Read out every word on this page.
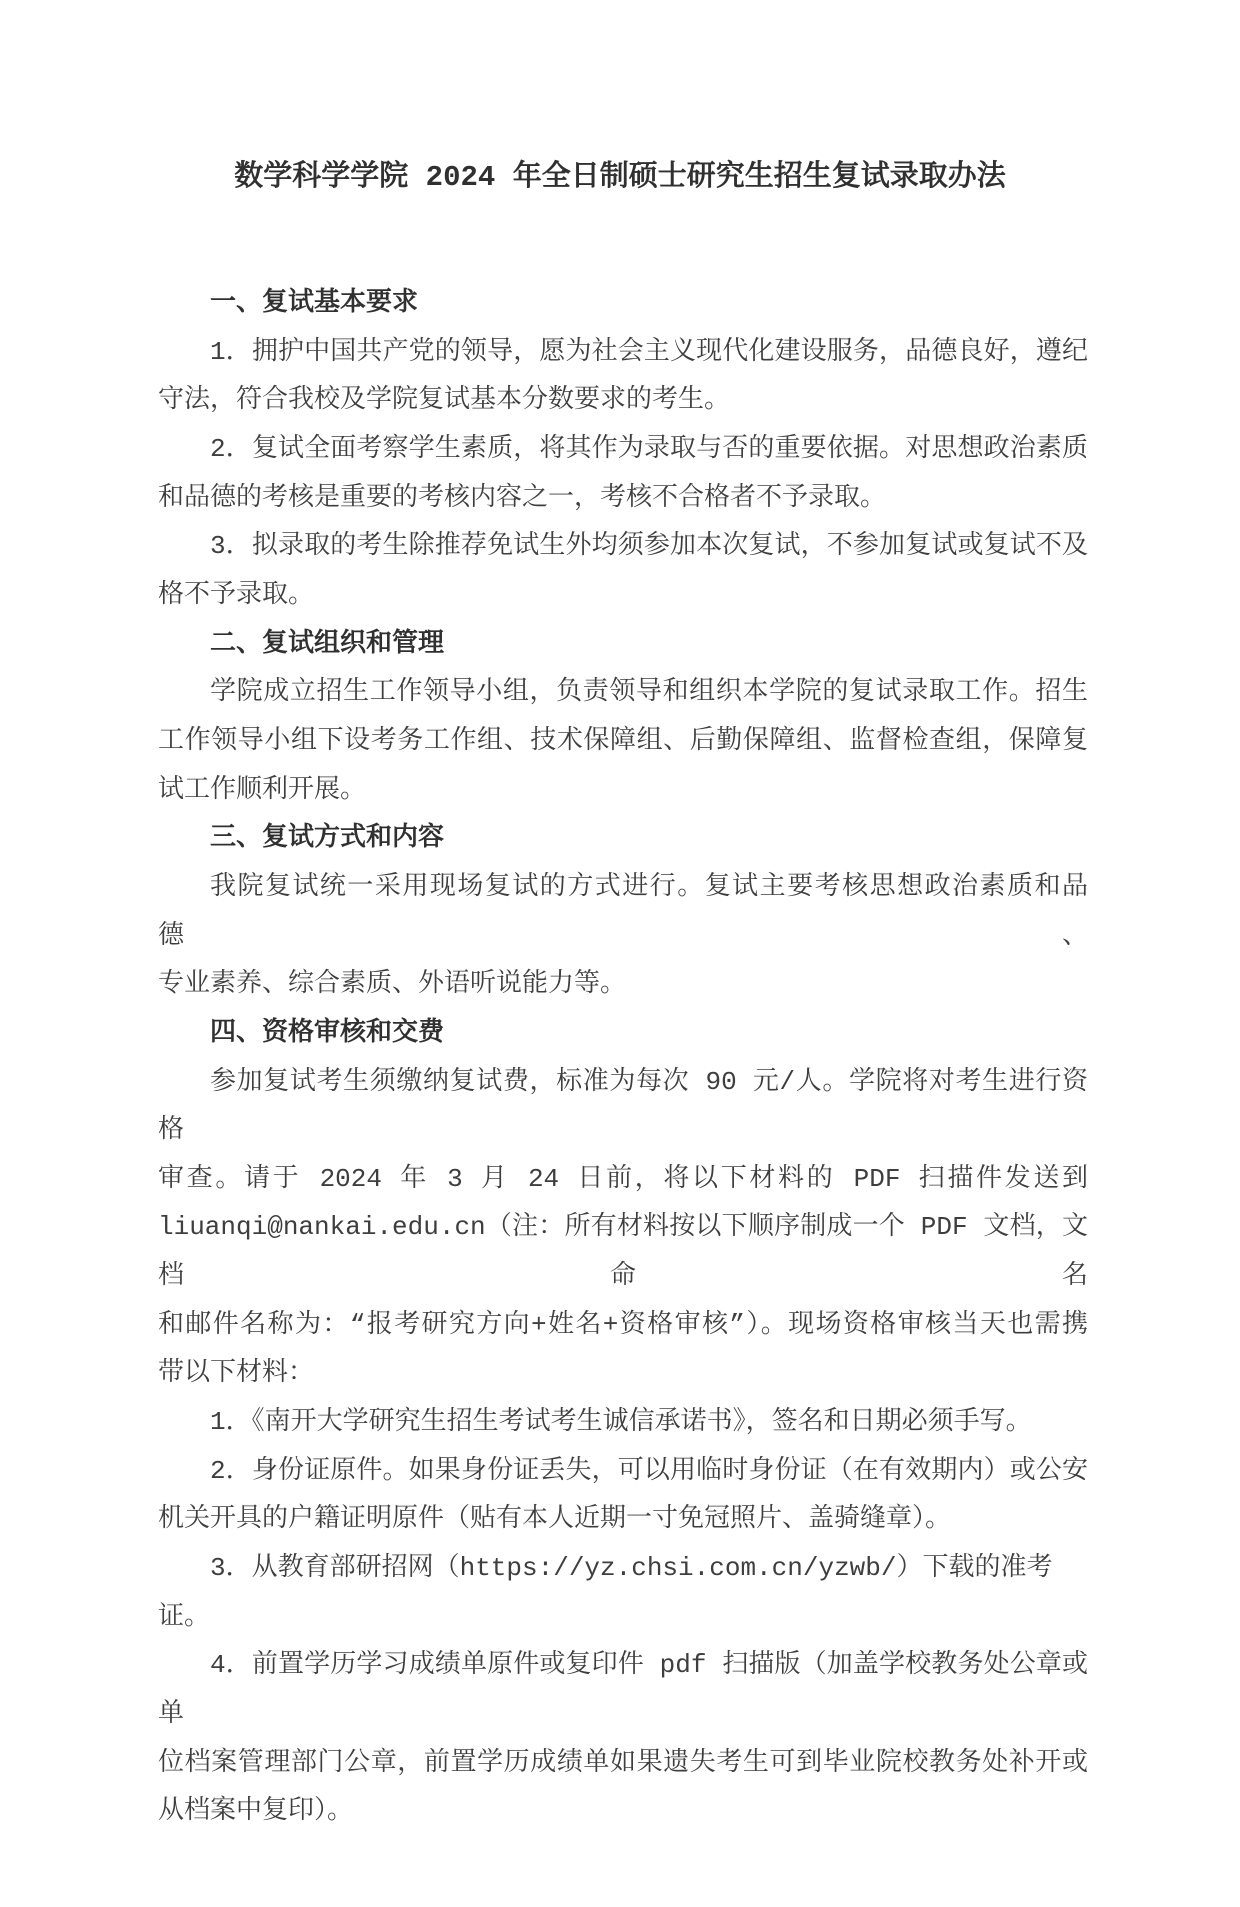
数学科学学院 2024 年全日制硕士研究生招生复试录取办法
一、复试基本要求
1．拥护中国共产党的领导，愿为社会主义现代化建设服务，品德良好，遵纪
守法，符合我校及学院复试基本分数要求的考生。
2．复试全面考察学生素质，将其作为录取与否的重要依据。对思想政治素质
和品德的考核是重要的考核内容之一，考核不合格者不予录取。
3．拟录取的考生除推荐免试生外均须参加本次复试，不参加复试或复试不及
格不予录取。
二、复试组织和管理
学院成立招生工作领导小组，负责领导和组织本学院的复试录取工作。招生
工作领导小组下设考务工作组、技术保障组、后勤保障组、监督检查组，保障复
试工作顺利开展。
三、复试方式和内容
我院复试统一采用现场复试的方式进行。复试主要考核思想政治素质和品德、
专业素养、综合素质、外语听说能力等。
四、资格审核和交费
参加复试考生须缴纳复试费，标准为每次 90 元/人。学院将对考生进行资格
审查。请于 2024 年 3 月 24 日前，将以下材料的 PDF 扫描件发送到
liuanqi@nankai.edu.cn（注：所有材料按以下顺序制成一个 PDF 文档，文档命名
和邮件名称为：“报考研究方向+姓名+资格审核”）。现场资格审核当天也需携
带以下材料：
1．《南开大学研究生招生考试考生诚信承诺书》，签名和日期必须手写。
2．身份证原件。如果身份证丢失，可以用临时身份证（在有效期内）或公安
机关开具的户籍证明原件（贴有本人近期一寸免冠照片、盖骑缝章）。
3．从教育部研招网（https://yz.chsi.com.cn/yzwb/）下载的准考证。
4．前置学历学习成绩单原件或复印件 pdf 扫描版（加盖学校教务处公章或单
位档案管理部门公章，前置学历成绩单如果遗失考生可到毕业院校教务处补开或
从档案中复印）。
